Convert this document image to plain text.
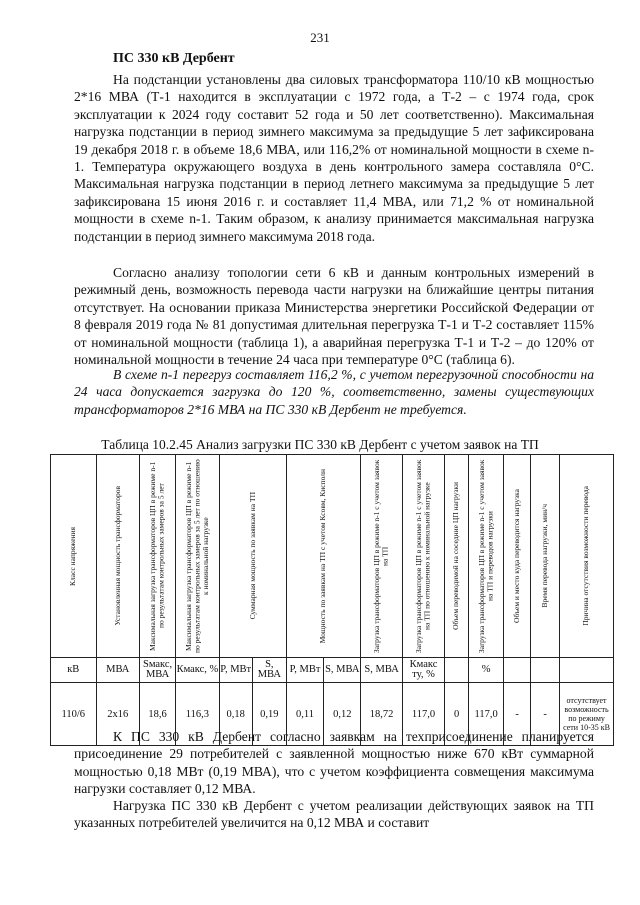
231
ПС 330 кВ Дербент

На подстанции установлены два силовых трансформатора 110/10 кВ мощностью 2*16 МВА (Т-1 находится в эксплуатации с 1972 года, а Т-2 – с 1974 года, срок эксплуатации к 2024 году составит 52 года и 50 лет соответственно). Максимальная нагрузка подстанции в период зимнего максимума за предыдущие 5 лет зафиксирована 19 декабря 2018 г. в объеме 18,6 МВА, или 116,2% от номинальной мощности в схеме n-1. Температура окружающего воздуха в день контрольного замера составляла 0°С. Максимальная нагрузка подстанции в период летнего максимума за предыдущие 5 лет зафиксирована 15 июня 2016 г. и составляет 11,4 МВА, или 71,2 % от номинальной мощности в схеме n-1. Таким образом, к анализу принимается максимальная нагрузка подстанции в период зимнего максимума 2018 года.

Согласно анализу топологии сети 6 кВ и данным контрольных измерений в режимный день, возможность перевода части нагрузки на ближайшие центры питания отсутствует. На основании приказа Министерства энергетики Российской Федерации от 8 февраля 2019 года № 81 допустимая длительная перегрузка Т-1 и Т-2 составляет 115% от номинальной мощности (таблица 1), а аварийная перегрузка Т-1 и Т-2 – до 120% от номинальной мощности в течение 24 часа при температуре 0°С (таблица 6).

В схеме n-1 перегруз составляет 116,2 %, с учетом перегрузочной способности на 24 часа допускается загрузка до 120 %, соответственно, замены существующих трансформаторов 2*16 МВА на ПС 330 кВ Дербент не требуется.

Таблица 10.2.45 Анализ загрузки ПС 330 кВ Дербент с учетом заявок на ТП
Класс напряжения	Установленная мощность трансформаторов	Максимальная загрузка трансформаторов ЦП в режиме n-1 по результатам контрольных замеров за 5 лет	Максимальная загрузка трансформаторов ЦП в режиме n-1 по результатам контрольных замеров за 5 лет по отношению к номинальной нагрузке	Суммарная мощность по заявкам на ТП		Мощность по заявкам на ТП с учетом Ксовм, Кисполн		Загрузка трансформаторов ЦП в режиме n-1 с учетом заявок на ТП	Загрузка трансформаторов ЦП в режиме n-1 с учетом заявок на ТП по отношению к номинальной нагрузке	Объем переводимой на соседние ЦП нагрузки	Загрузка трансформаторов ЦП в режиме n-1 с учетом заявок на ТП и переводов нагрузки	Объем и место куда переводится нагрузка	Время перевода нагрузки, мин/ч	Причина отсутствия возможности перевода

кВ	МВА	Sмакс, МВА	Кмакс, %	P, МВт	S, МВА	P, МВт	S, МВА	S, МВА	Кмакс ту, %		%			
110/6	2х16	18,6	116,3	0,18	0,19	0,11	0,12	18,72	117,0	0	117,0	-	-	отсутствует возможность по режиму сети 10-35 кВ

К ПС 330 кВ Дербент согласно заявкам на техприсоединение планируется присоединение 29 потребителей с заявленной мощностью ниже 670 кВт суммарной мощностью 0,18 МВт (0,19 МВА), что с учетом коэффициента совмещения максимума нагрузки составляет 0,12 МВА.

Нагрузка ПС 330 кВ Дербент с учетом реализации действующих заявок на ТП указанных потребителей увеличится на 0,12 МВА и составит
